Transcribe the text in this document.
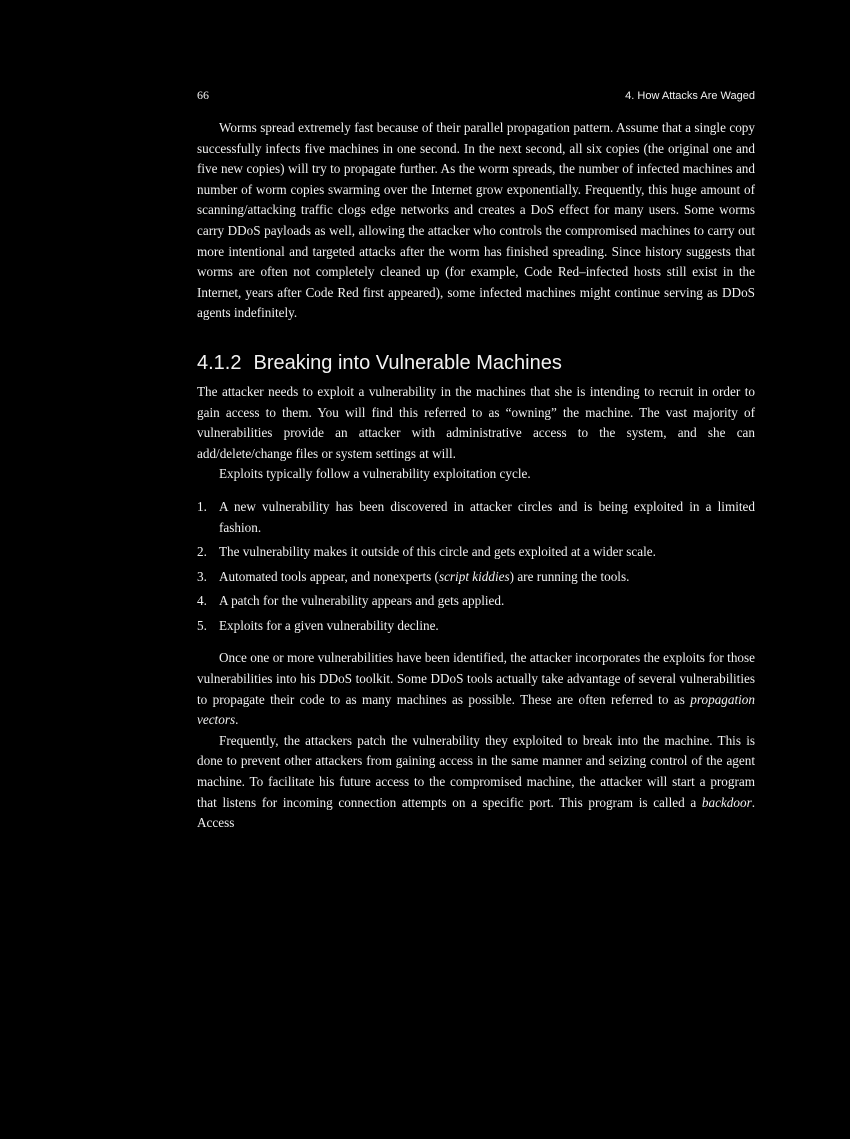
66	4. How Attacks Are Waged

Worms spread extremely fast because of their parallel propagation pattern. Assume that a single copy successfully infects five machines in one second. In the next second, all six copies (the original one and five new copies) will try to propagate further. As the worm spreads, the number of infected machines and number of worm copies swarming over the Internet grow exponentially. Frequently, this huge amount of scanning/attacking traffic clogs edge networks and creates a DoS effect for many users. Some worms carry DDoS payloads as well, allowing the attacker who controls the compromised machines to carry out more intentional and targeted attacks after the worm has finished spreading. Since history suggests that worms are often not completely cleaned up (for example, Code Red–infected hosts still exist in the Internet, years after Code Red first appeared), some infected machines might continue serving as DDoS agents indefinitely.

4.1.2 Breaking into Vulnerable Machines

The attacker needs to exploit a vulnerability in the machines that she is intending to recruit in order to gain access to them. You will find this referred to as “owning” the machine. The vast majority of vulnerabilities provide an attacker with administrative access to the system, and she can add/delete/change files or system settings at will.

Exploits typically follow a vulnerability exploitation cycle.

1. A new vulnerability has been discovered in attacker circles and is being exploited in a limited fashion.
2. The vulnerability makes it outside of this circle and gets exploited at a wider scale.
3. Automated tools appear, and nonexperts (script kiddies) are running the tools.
4. A patch for the vulnerability appears and gets applied.
5. Exploits for a given vulnerability decline.

Once one or more vulnerabilities have been identified, the attacker incorporates the exploits for those vulnerabilities into his DDoS toolkit. Some DDoS tools actually take advantage of several vulnerabilities to propagate their code to as many machines as possible. These are often referred to as propagation vectors.

Frequently, the attackers patch the vulnerability they exploited to break into the machine. This is done to prevent other attackers from gaining access in the same manner and seizing control of the agent machine. To facilitate his future access to the compromised machine, the attacker will start a program that listens for incoming connection attempts on a specific port. This program is called a backdoor. Access
